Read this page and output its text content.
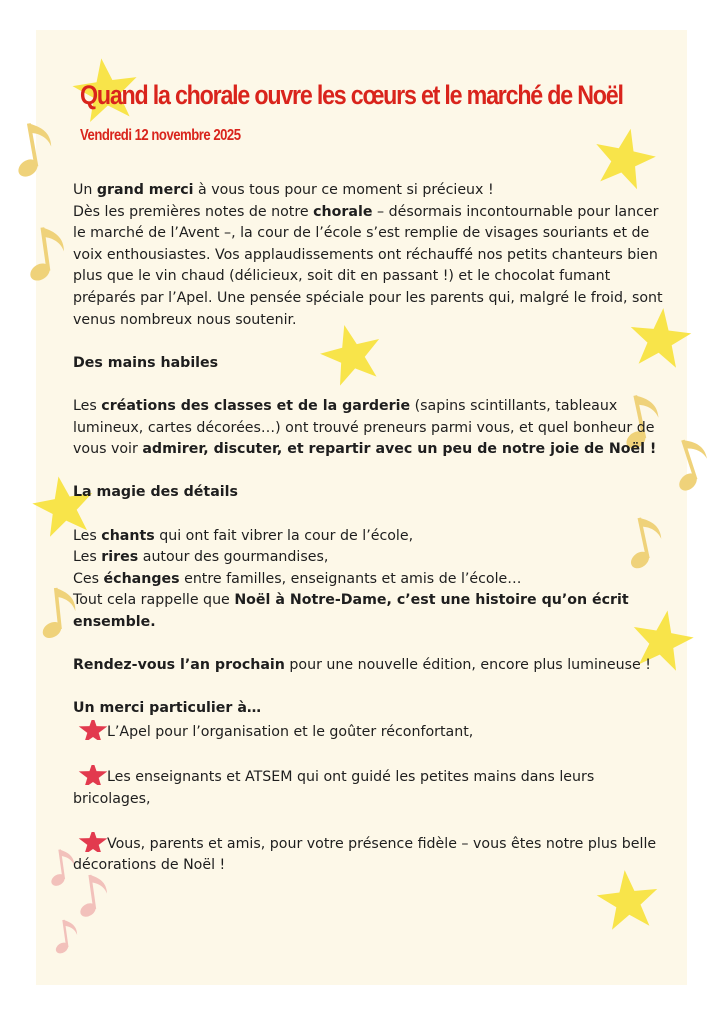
Quand la chorale ouvre les cœurs et le marché de Noël
Vendredi 12 novembre 2025

Un grand merci à vous tous pour ce moment si précieux !

Dès les premières notes de notre chorale – désormais incontournable pour lancer le marché de l’Avent –, la cour de l’école s’est remplie de visages souriants et de voix enthousiastes. Vos applaudissements ont réchauffé nos petits chanteurs bien plus que le vin chaud (délicieux, soit dit en passant !) et le chocolat fumant préparés par l’Apel. Une pensée spéciale pour les parents qui, malgré le froid, sont venus nombreux nous soutenir.

Des mains habiles

Les créations des classes et de la garderie (sapins scintillants, tableaux lumineux, cartes décorées…) ont trouvé preneurs parmi vous, et quel bonheur de vous voir admirer, discuter, et repartir avec un peu de notre joie de Noël !

La magie des détails

Les chants qui ont fait vibrer la cour de l’école,

Les rires autour des gourmandises,

Ces échanges entre familles, enseignants et amis de l’école…

Tout cela rappelle que Noël à Notre-Dame, c’est une histoire qu’on écrit ensemble.

Rendez-vous l’an prochain pour une nouvelle édition, encore plus lumineuse !

Un merci particulier à…

L’Apel pour l’organisation et le goûter réconfortant,

Les enseignants et ATSEM qui ont guidé les petites mains dans leurs bricolages,

Vous, parents et amis, pour votre présence fidèle – vous êtes notre plus belle décorations de Noël !
